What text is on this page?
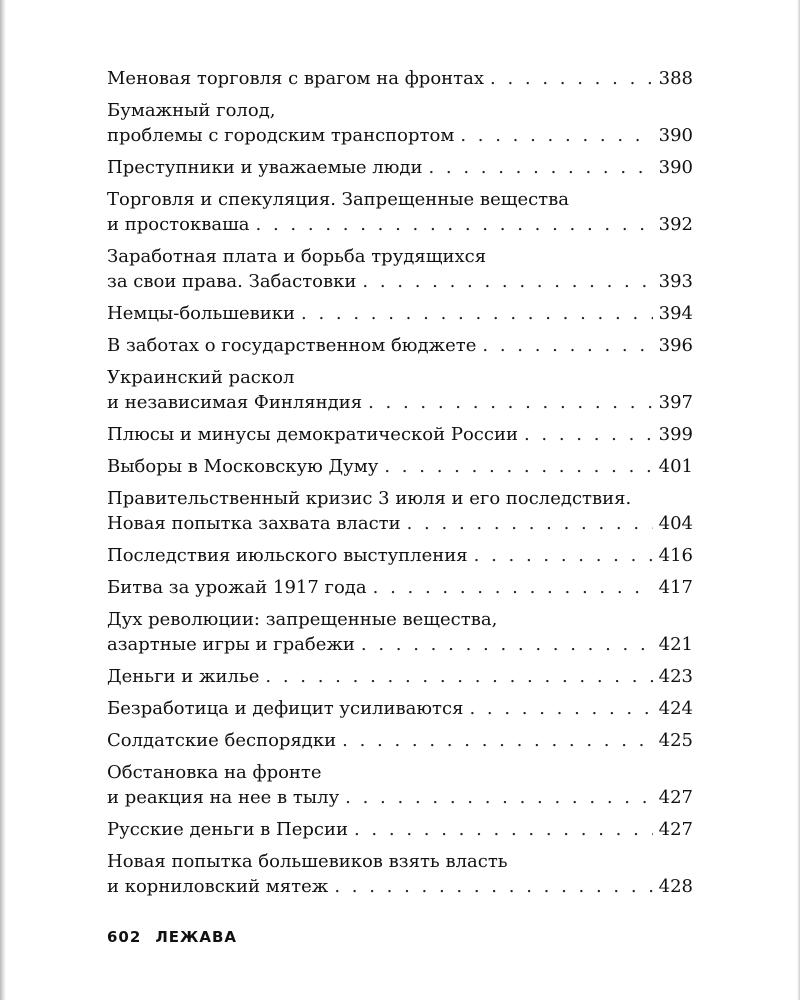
Меновая торговля с врагом на фронтах . . .	388
Бумажный голод,
проблемы с городским транспортом . . .	390
Преступники и уважаемые люди . . .	390
Торговля и спекуляция. Запрещенные вещества
и простокваша . . .	392
Заработная плата и борьба трудящихся
за свои права. Забастовки . . .	393
Немцы-большевики . . .	394
В заботах о государственном бюджете . . .	396
Украинский раскол
и независимая Финляндия . . .	397
Плюсы и минусы демократической России . . .	399
Выборы в Московскую Думу . . .	401
Правительственный кризис 3 июля и его последствия.
Новая попытка захвата власти . . .	404
Последствия июльского выступления . . .	416
Битва за урожай 1917 года . . .	417
Дух революции: запрещенные вещества,
азартные игры и грабежи . . .	421
Деньги и жилье . . .	423
Безработица и дефицит усиливаются . . .	424
Солдатские беспорядки . . .	425
Обстановка на фронте
и реакция на нее в тылу . . .	427
Русские деньги в Персии . . .	427
Новая попытка большевиков взять власть
и корниловский мятеж . . .	428
602 ЛЕЖАВА
